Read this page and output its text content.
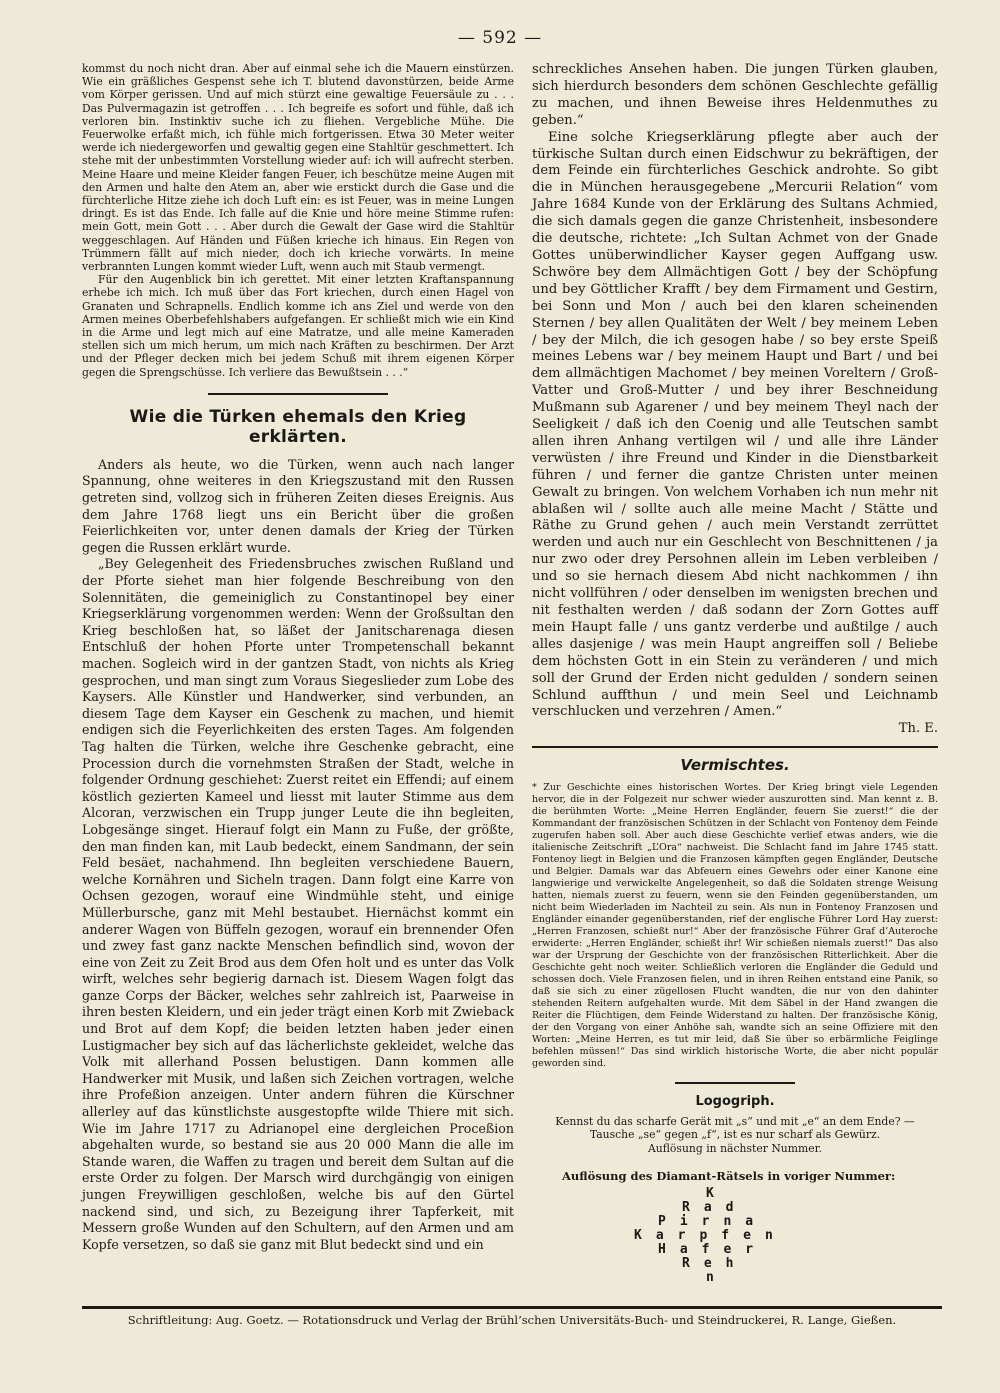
— 592 —

kommst du noch nicht dran. Aber auf einmal sehe ich die Mauern einstürzen. Wie ein gräßliches Gespenst sehe ich T. blutend davonstürzen, beide Arme vom Körper gerissen. Und auf mich stürzt eine gewaltige Feuersäule zu . . . Das Pulvermagazin ist getroffen . . . Ich begreife es sofort und fühle, daß ich verloren bin. Instinktiv suche ich zu fliehen. Vergebliche Mühe. Die Feuerwolke erfaßt mich, ich fühle mich fortgerissen. Etwa 30 Meter weiter werde ich niedergeworfen und gewaltig gegen eine Stahltür geschmettert. Ich stehe mit der unbestimmten Vorstellung wieder auf: ich will aufrecht sterben. Meine Haare und meine Kleider fangen Feuer, ich beschütze meine Augen mit den Armen und halte den Atem an, aber wie erstickt durch die Gase und die fürchterliche Hitze ziehe ich doch Luft ein: es ist Feuer, was in meine Lungen dringt. Es ist das Ende. Ich falle auf die Knie und höre meine Stimme rufen: mein Gott, mein Gott . . . Aber durch die Gewalt der Gase wird die Stahltür weggeschlagen. Auf Händen und Füßen krieche ich hinaus. Ein Regen von Trümmern fällt auf mich nieder, doch ich krieche vorwärts. In meine verbrannten Lungen kommt wieder Luft, wenn auch mit Staub vermengt.

Für den Augenblick bin ich gerettet. Mit einer letzten Kraftanspannung erhebe ich mich. Ich muß über das Fort kriechen, durch einen Hagel von Granaten und Schrapnells. Endlich komme ich ans Ziel und werde von den Armen meines Oberbefehlshabers aufgefangen. Er schließt mich wie ein Kind in die Arme und legt mich auf eine Matratze, und alle meine Kameraden stellen sich um mich herum, um mich nach Kräften zu beschirmen. Der Arzt und der Pfleger decken mich bei jedem Schuß mit ihrem eigenen Körper gegen die Sprengschüsse. Ich verliere das Bewußtsein . . .“

Wie die Türken ehemals den Krieg erklärten.

Anders als heute, wo die Türken, wenn auch nach langer Spannung, ohne weiteres in den Kriegszustand mit den Russen getreten sind, vollzog sich in früheren Zeiten dieses Ereignis. Aus dem Jahre 1768 liegt uns ein Bericht über die großen Feierlichkeiten vor, unter denen damals der Krieg der Türken gegen die Russen erklärt wurde.

„Bey Gelegenheit des Friedensbruches zwischen Rußland und der Pforte siehet man hier folgende Beschreibung von den Solennitäten, die gemeiniglich zu Constantinopel bey einer Kriegserklärung vorgenommen werden: Wenn der Großsultan den Krieg beschloßen hat, so läßet der Janitscharenaga diesen Entschluß der hohen Pforte unter Trompetenschall bekannt machen. Sogleich wird in der gantzen Stadt, von nichts als Krieg gesprochen, und man singt zum Voraus Siegeslieder zum Lobe des Kaysers. Alle Künstler und Handwerker, sind verbunden, an diesem Tage dem Kayser ein Geschenk zu machen, und hiemit endigen sich die Feyerlichkeiten des ersten Tages. Am folgenden Tag halten die Türken, welche ihre Geschenke gebracht, eine Procession durch die vornehmsten Straßen der Stadt, welche in folgender Ordnung geschiehet: Zuerst reitet ein Effendi; auf einem köstlich gezierten Kameel und liesst mit lauter Stimme aus dem Alcoran, verzwischen ein Trupp junger Leute die ihn begleiten, Lobgesänge singet. Hierauf folgt ein Mann zu Fuße, der größte, den man finden kan, mit Laub bedeckt, einem Sandmann, der sein Feld besäet, nachahmend. Ihn begleiten verschiedene Bauern, welche Kornähren und Sicheln tragen. Dann folgt eine Karre von Ochsen gezogen, worauf eine Windmühle steht, und einige Müllerbursche, ganz mit Mehl bestaubet. Hiernächst kommt ein anderer Wagen von Büffeln gezogen, worauf ein brennender Ofen und zwey fast ganz nackte Menschen befindlich sind, wovon der eine von Zeit zu Zeit Brod aus dem Ofen holt und es unter das Volk wirft, welches sehr begierig darnach ist. Diesem Wagen folgt das ganze Corps der Bäcker, welches sehr zahlreich ist, Paarweise in ihren besten Kleidern, und ein jeder trägt einen Korb mit Zwieback und Brot auf dem Kopf; die beiden letzten haben jeder einen Lustigmacher bey sich auf das lächerlichste gekleidet, welche das Volk mit allerhand Possen belustigen. Dann kommen alle Handwerker mit Musik, und laßen sich Zeichen vortragen, welche ihre Profeßion anzeigen. Unter andern führen die Kürschner allerley auf das künstlichste ausgestopfte wilde Thiere mit sich. Wie im Jahre 1717 zu Adrianopel eine dergleichen Proceßion abgehalten wurde, so bestand sie aus 20 000 Mann die alle im Stande waren, die Waffen zu tragen und bereit dem Sultan auf die erste Order zu folgen. Der Marsch wird durchgängig von einigen jungen Freywilligen geschloßen, welche bis auf den Gürtel nackend sind, und sich, zu Bezeigung ihrer Tapferkeit, mit Messern große Wunden auf den Schultern, auf den Armen und am Kopfe versetzen, so daß sie ganz mit Blut bedeckt sind und ein

schreckliches Ansehen haben. Die jungen Türken glauben, sich hierdurch besonders dem schönen Geschlechte gefällig zu machen, und ihnen Beweise ihres Heldenmuthes zu geben.“

Eine solche Kriegserklärung pflegte aber auch der türkische Sultan durch einen Eidschwur zu bekräftigen, der dem Feinde ein fürchterliches Geschick androhte. So gibt die in München herausgegebene „Mercurii Relation“ vom Jahre 1684 Kunde von der Erklärung des Sultans Achmied, die sich damals gegen die ganze Christenheit, insbesondere die deutsche, richtete: „Ich Sultan Achmet von der Gnade Gottes unüberwindlicher Kayser gegen Auffgang usw. Schwöre bey dem Allmächtigen Gott / bey der Schöpfung und bey Göttlicher Krafft / bey dem Firmament und Gestirn, bei Sonn und Mon / auch bei den klaren scheinenden Sternen / bey allen Qualitäten der Welt / bey meinem Leben / bey der Milch, die ich gesogen habe / so bey erste Speiß meines Lebens war / bey meinem Haupt und Bart / und bei dem allmächtigen Machomet / bey meinen Voreltern / Groß-Vatter und Groß-Mutter / und bey ihrer Beschneidung Mußmann sub Agarener / und bey meinem Theyl nach der Seeligkeit / daß ich den Coenig und alle Teutschen sambt allen ihren Anhang vertilgen wil / und alle ihre Länder verwüsten / ihre Freund und Kinder in die Dienstbarkeit führen / und ferner die gantze Christen unter meinen Gewalt zu bringen. Von welchem Vorhaben ich nun mehr nit ablaßen wil / sollte auch alle meine Macht / Stätte und Räthe zu Grund gehen / auch mein Verstandt zerrüttet werden und auch nur ein Geschlecht von Beschnittenen / ja nur zwo oder drey Persohnen allein im Leben verbleiben / und so sie hernach diesem Abd nicht nachkommen / ihn nicht vollführen / oder denselben im wenigsten brechen und nit festhalten werden / daß sodann der Zorn Gottes auff mein Haupt falle / uns gantz verderbe und außtilge / auch alles dasjenige / was mein Haupt angreiffen soll / Beliebe dem höchsten Gott in ein Stein zu veränderen / und mich soll der Grund der Erden nicht gedulden / sondern seinen Schlund auffthun / und mein Seel und Leichnamb verschlucken und verzehren / Amen.“

Th. E.
Vermischtes.

* Zur Geschichte eines historischen Wortes. Der Krieg bringt viele Legenden hervor, die in der Folgezeit nur schwer wieder auszurotten sind. Man kennt z. B. die berühmten Worte: „Meine Herren Engländer, feuern Sie zuerst!“ die der Kommandant der französischen Schützen in der Schlacht von Fontenoy dem Feinde zugerufen haben soll. Aber auch diese Geschichte verlief etwas anders, wie die italienische Zeitschrift „L’Ora“ nachweist. Die Schlacht fand im Jahre 1745 statt. Fontenoy liegt in Belgien und die Franzosen kämpften gegen Engländer, Deutsche und Belgier. Damals war das Abfeuern eines Gewehrs oder einer Kanone eine langwierige und verwickelte Angelegenheit, so daß die Soldaten strenge Weisung hatten, niemals zuerst zu feuern, wenn sie den Feinden gegenüberstanden, um nicht beim Wiederladen im Nachteil zu sein. Als nun in Fontenoy Franzosen und Engländer einander gegenüberstanden, rief der englische Führer Lord Hay zuerst: „Herren Franzosen, schießt nur!“ Aber der französische Führer Graf d’Auteroche erwiderte: „Herren Engländer, schießt ihr! Wir schießen niemals zuerst!“ Das also war der Ursprung der Geschichte von der französischen Ritterlichkeit. Aber die Geschichte geht noch weiter. Schließlich verloren die Engländer die Geduld und schossen doch. Viele Franzosen fielen, und in ihren Reihen entstand eine Panik, so daß sie sich zu einer zügellosen Flucht wandten, die nur von den dahinter stehenden Reitern aufgehalten wurde. Mit dem Säbel in der Hand zwangen die Reiter die Flüchtigen, dem Feinde Widerstand zu halten. Der französische König, der den Vorgang von einer Anhöhe sah, wandte sich an seine Offiziere mit den Worten: „Meine Herren, es tut mir leid, daß Sie über so erbärmliche Feiglinge befehlen müssen!“ Das sind wirklich historische Worte, die aber nicht populär geworden sind.

Logogriph.
Kennst du das scharfe Gerät mit „s“ und mit „e“ an dem Ende? —
Tausche „se“ gegen „f“, ist es nur scharf als Gewürz.
Auflösung in nächster Nummer.
Auflösung des Diamant-Rätsels in voriger Nummer:
K
Rad
Pirna
Karpfen
Hafer
Reh
n
Schriftleitung: Aug. Goetz. — Rotationsdruck und Verlag der Brühl’schen Universitäts-Buch- und Steindruckerei, R. Lange, Gießen.
